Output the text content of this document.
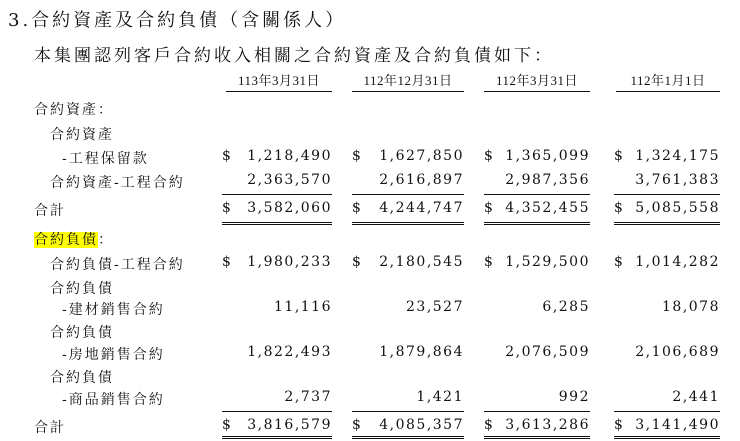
3.合約資產及合約負債（含關係人）
本集團認列客戶合約收入相關之合約資產及合約負債如下：
113年3月31日	112年12月31日	112年3月31日	112年1月1日
合約資產：
合約資產
-工程保留款	$ 1,218,490 $ 1,627,850 $ 1,365,099 $ 1,324,175
合約資產-工程合約	2,363,570	2,616,897	2,987,356	3,761,383
合計	$ 3,582,060 $ 4,244,747 $ 4,352,455 $ 5,085,558
合約負債：
合約負債-工程合約	$ 1,980,233 $ 2,180,545 $ 1,529,500 $ 1,014,282
合約負債
-建材銷售合約	11,116	23,527	6,285	18,078
合約負債
-房地銷售合約	1,822,493	1,879,864	2,076,509	2,106,689
合約負債
-商品銷售合約	2,737	1,421	992	2,441
合計	$ 3,816,579 $ 4,085,357 $ 3,613,286 $ 3,141,490
